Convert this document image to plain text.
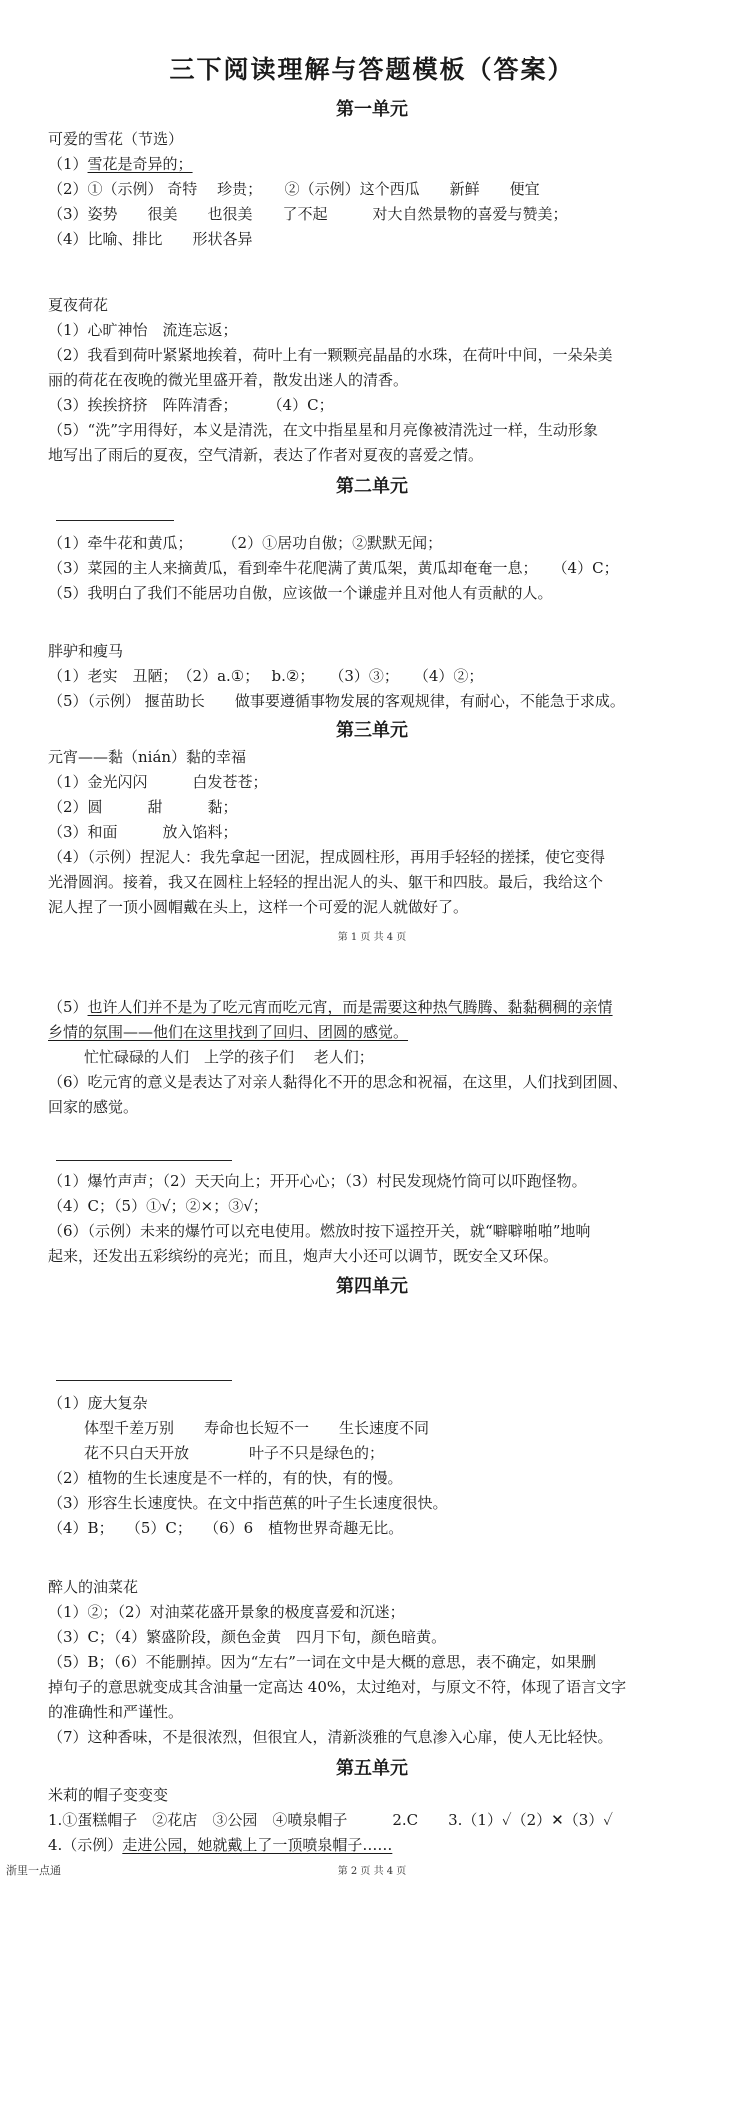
三下阅读理解与答题模板（答案）
第一单元
可爱的雪花（节选）
（1）雪花是奇异的；
（2）①（示例） 奇特　 珍贵；　　②（示例）这个西瓜　　新鲜　　便宜
（3）姿势　　很美　　也很美　　了不起　　　对大自然景物的喜爱与赞美；
（4）比喻、排比　　形状各异
夏夜荷花
（1）心旷神怡　流连忘返；
（2）我看到荷叶紧紧地挨着，荷叶上有一颗颗亮晶晶的水珠，在荷叶中间，一朵朵美
丽的荷花在夜晚的微光里盛开着，散发出迷人的清香。
（3）挨挨挤挤　阵阵清香；　　　（4）C；
（5）“洗”字用得好，本义是清洗，在文中指星星和月亮像被清洗过一样，生动形象
地写出了雨后的夏夜，空气清新，表达了作者对夏夜的喜爱之情。
第二单元
（1）牵牛花和黄瓜；　　　（2）①居功自傲；②默默无闻；
（3）菜园的主人来摘黄瓜，看到牵牛花爬满了黄瓜架，黄瓜却奄奄一息；　　（4）C；
（5）我明白了我们不能居功自傲，应该做一个谦虚并且对他人有贡献的人。
胖驴和瘦马
（1）老实　丑陋；　（2）a.①；　 b.②；　　（3）③；　　（4）②；
（5）（示例） 揠苗助长　　做事要遵循事物发展的客观规律，有耐心，不能急于求成。
第三单元
元宵——黏（nián）黏的幸福
（1）金光闪闪　　　白发苍苍；
（2）圆　　　甜　　　黏；
（3）和面　　　放入馅料；
（4）（示例）捏泥人：我先拿起一团泥，捏成圆柱形，再用手轻轻的搓揉，使它变得
光滑圆润。接着，我又在圆柱上轻轻的捏出泥人的头、躯干和四肢。最后，我给这个
泥人捏了一顶小圆帽戴在头上，这样一个可爱的泥人就做好了。
第 1 页 共 4 页
（5）也许人们并不是为了吃元宵而吃元宵，而是需要这种热气腾腾、黏黏稠稠的亲情
乡情的氛围——他们在这里找到了回归、团圆的感觉。
忙忙碌碌的人们　上学的孩子们　 老人们；
（6）吃元宵的意义是表达了对亲人黏得化不开的思念和祝福，在这里，人们找到团圆、
回家的感觉。
（1）爆竹声声；（2）天天向上；开开心心；（3）村民发现烧竹筒可以吓跑怪物。
（4）C；（5）①√；②×；③√；
（6）（示例）未来的爆竹可以充电使用。燃放时按下遥控开关，就“噼噼啪啪”地响
起来，还发出五彩缤纷的亮光；而且，炮声大小还可以调节，既安全又环保。
第四单元
（1）庞大复杂
体型千差万别　　寿命也长短不一　　生长速度不同
花不只白天开放　　　　叶子不只是绿色的；
（2）植物的生长速度是不一样的，有的快，有的慢。
（3）形容生长速度快。在文中指芭蕉的叶子生长速度很快。
（4）B；　 （5）C；　 （6）6　植物世界奇趣无比。
醉人的油菜花
（1）②；（2）对油菜花盛开景象的极度喜爱和沉迷；
（3）C；（4）繁盛阶段，颜色金黄　四月下旬，颜色暗黄。
（5）B；（6）不能删掉。因为“左右”一词在文中是大概的意思，表不确定，如果删
掉句子的意思就变成其含油量一定高达 40%，太过绝对，与原文不符，体现了语言文字
的准确性和严谨性。
（7）这种香味，不是很浓烈，但很宜人，清新淡雅的气息渗入心扉，使人无比轻快。
第五单元
米莉的帽子变变变
1.①蛋糕帽子　②花店　③公园　④喷泉帽子　　　2.C　　3.（1）✓（2）✕（3）✓
4.（示例）走进公园，她就戴上了一顶喷泉帽子……
第 2 页 共 4 页
浙里一点通
